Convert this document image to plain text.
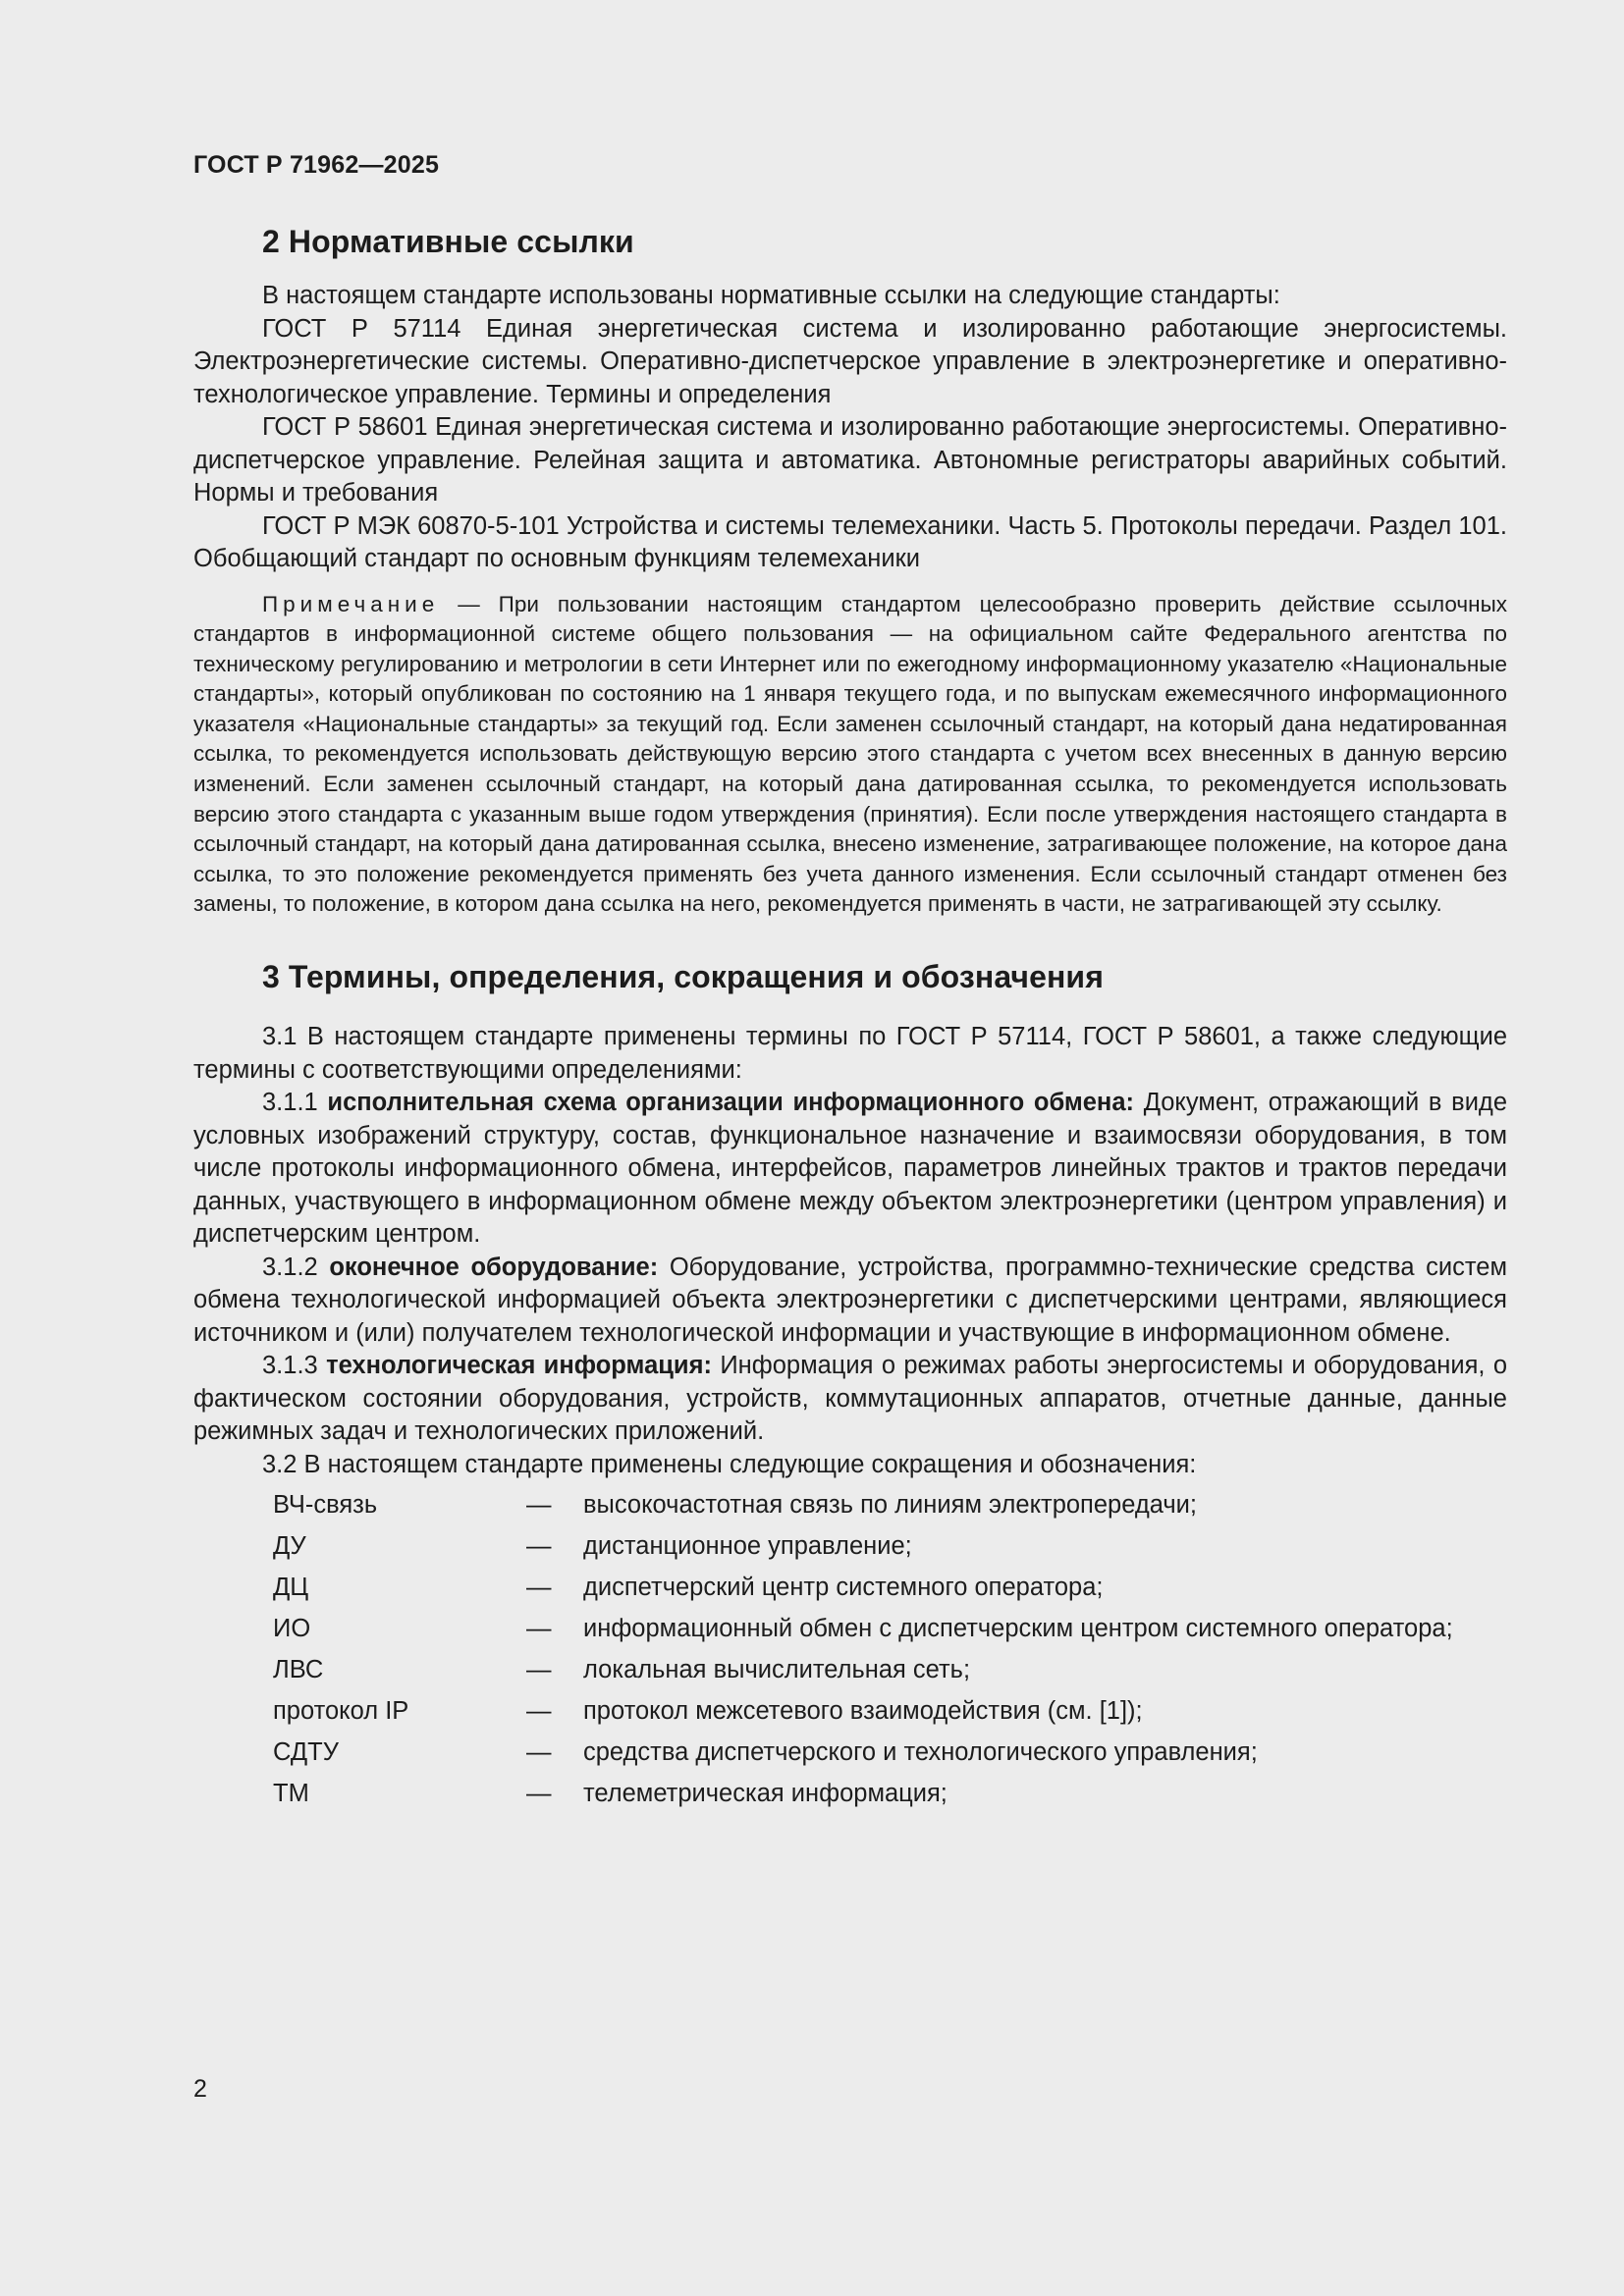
ГОСТ Р 71962—2025
2 Нормативные ссылки

В настоящем стандарте использованы нормативные ссылки на следующие стандарты:

ГОСТ Р 57114 Единая энергетическая система и изолированно работающие энергосистемы. Электроэнергетические системы. Оперативно-диспетчерское управление в электроэнергетике и оперативно-технологическое управление. Термины и определения

ГОСТ Р 58601 Единая энергетическая система и изолированно работающие энергосистемы. Оперативно-диспетчерское управление. Релейная защита и автоматика. Автономные регистраторы аварийных событий. Нормы и требования

ГОСТ Р МЭК 60870-5-101 Устройства и системы телемеханики. Часть 5. Протоколы передачи. Раздел 101. Обобщающий стандарт по основным функциям телемеханики

Примечание — При пользовании настоящим стандартом целесообразно проверить действие ссылочных стандартов в информационной системе общего пользования — на официальном сайте Федерального агентства по техническому регулированию и метрологии в сети Интернет или по ежегодному информационному указателю «Национальные стандарты», который опубликован по состоянию на 1 января текущего года, и по выпускам ежемесячного информационного указателя «Национальные стандарты» за текущий год. Если заменен ссылочный стандарт, на который дана недатированная ссылка, то рекомендуется использовать действующую версию этого стандарта с учетом всех внесенных в данную версию изменений. Если заменен ссылочный стандарт, на который дана датированная ссылка, то рекомендуется использовать версию этого стандарта с указанным выше годом утверждения (принятия). Если после утверждения настоящего стандарта в ссылочный стандарт, на который дана датированная ссылка, внесено изменение, затрагивающее положение, на которое дана ссылка, то это положение рекомендуется применять без учета данного изменения. Если ссылочный стандарт отменен без замены, то положение, в котором дана ссылка на него, рекомендуется применять в части, не затрагивающей эту ссылку.

3 Термины, определения, сокращения и обозначения

3.1 В настоящем стандарте применены термины по ГОСТ Р 57114, ГОСТ Р 58601, а также следующие термины с соответствующими определениями:

3.1.1 исполнительная схема организации информационного обмена: Документ, отражающий в виде условных изображений структуру, состав, функциональное назначение и взаимосвязи оборудования, в том числе протоколы информационного обмена, интерфейсов, параметров линейных трактов и трактов передачи данных, участвующего в информационном обмене между объектом электроэнергетики (центром управления) и диспетчерским центром.

3.1.2 оконечное оборудование: Оборудование, устройства, программно-технические средства систем обмена технологической информацией объекта электроэнергетики с диспетчерскими центрами, являющиеся источником и (или) получателем технологической информации и участвующие в информационном обмене.

3.1.3 технологическая информация: Информация о режимах работы энергосистемы и оборудования, о фактическом состоянии оборудования, устройств, коммутационных аппаратов, отчетные данные, данные режимных задач и технологических приложений.

3.2 В настоящем стандарте применены следующие сокращения и обозначения:

ВЧ-связь	—	высокочастотная связь по линиям электропередачи;
ДУ	—	дистанционное управление;
ДЦ	—	диспетчерский центр системного оператора;
ИО	—	информационный обмен с диспетчерским центром системного оператора;
ЛВС	—	локальная вычислительная сеть;
протокол IP	—	протокол межсетевого взаимодействия (см. [1]);
СДТУ	—	средства диспетчерского и технологического управления;
ТМ	—	телеметрическая информация;
2
